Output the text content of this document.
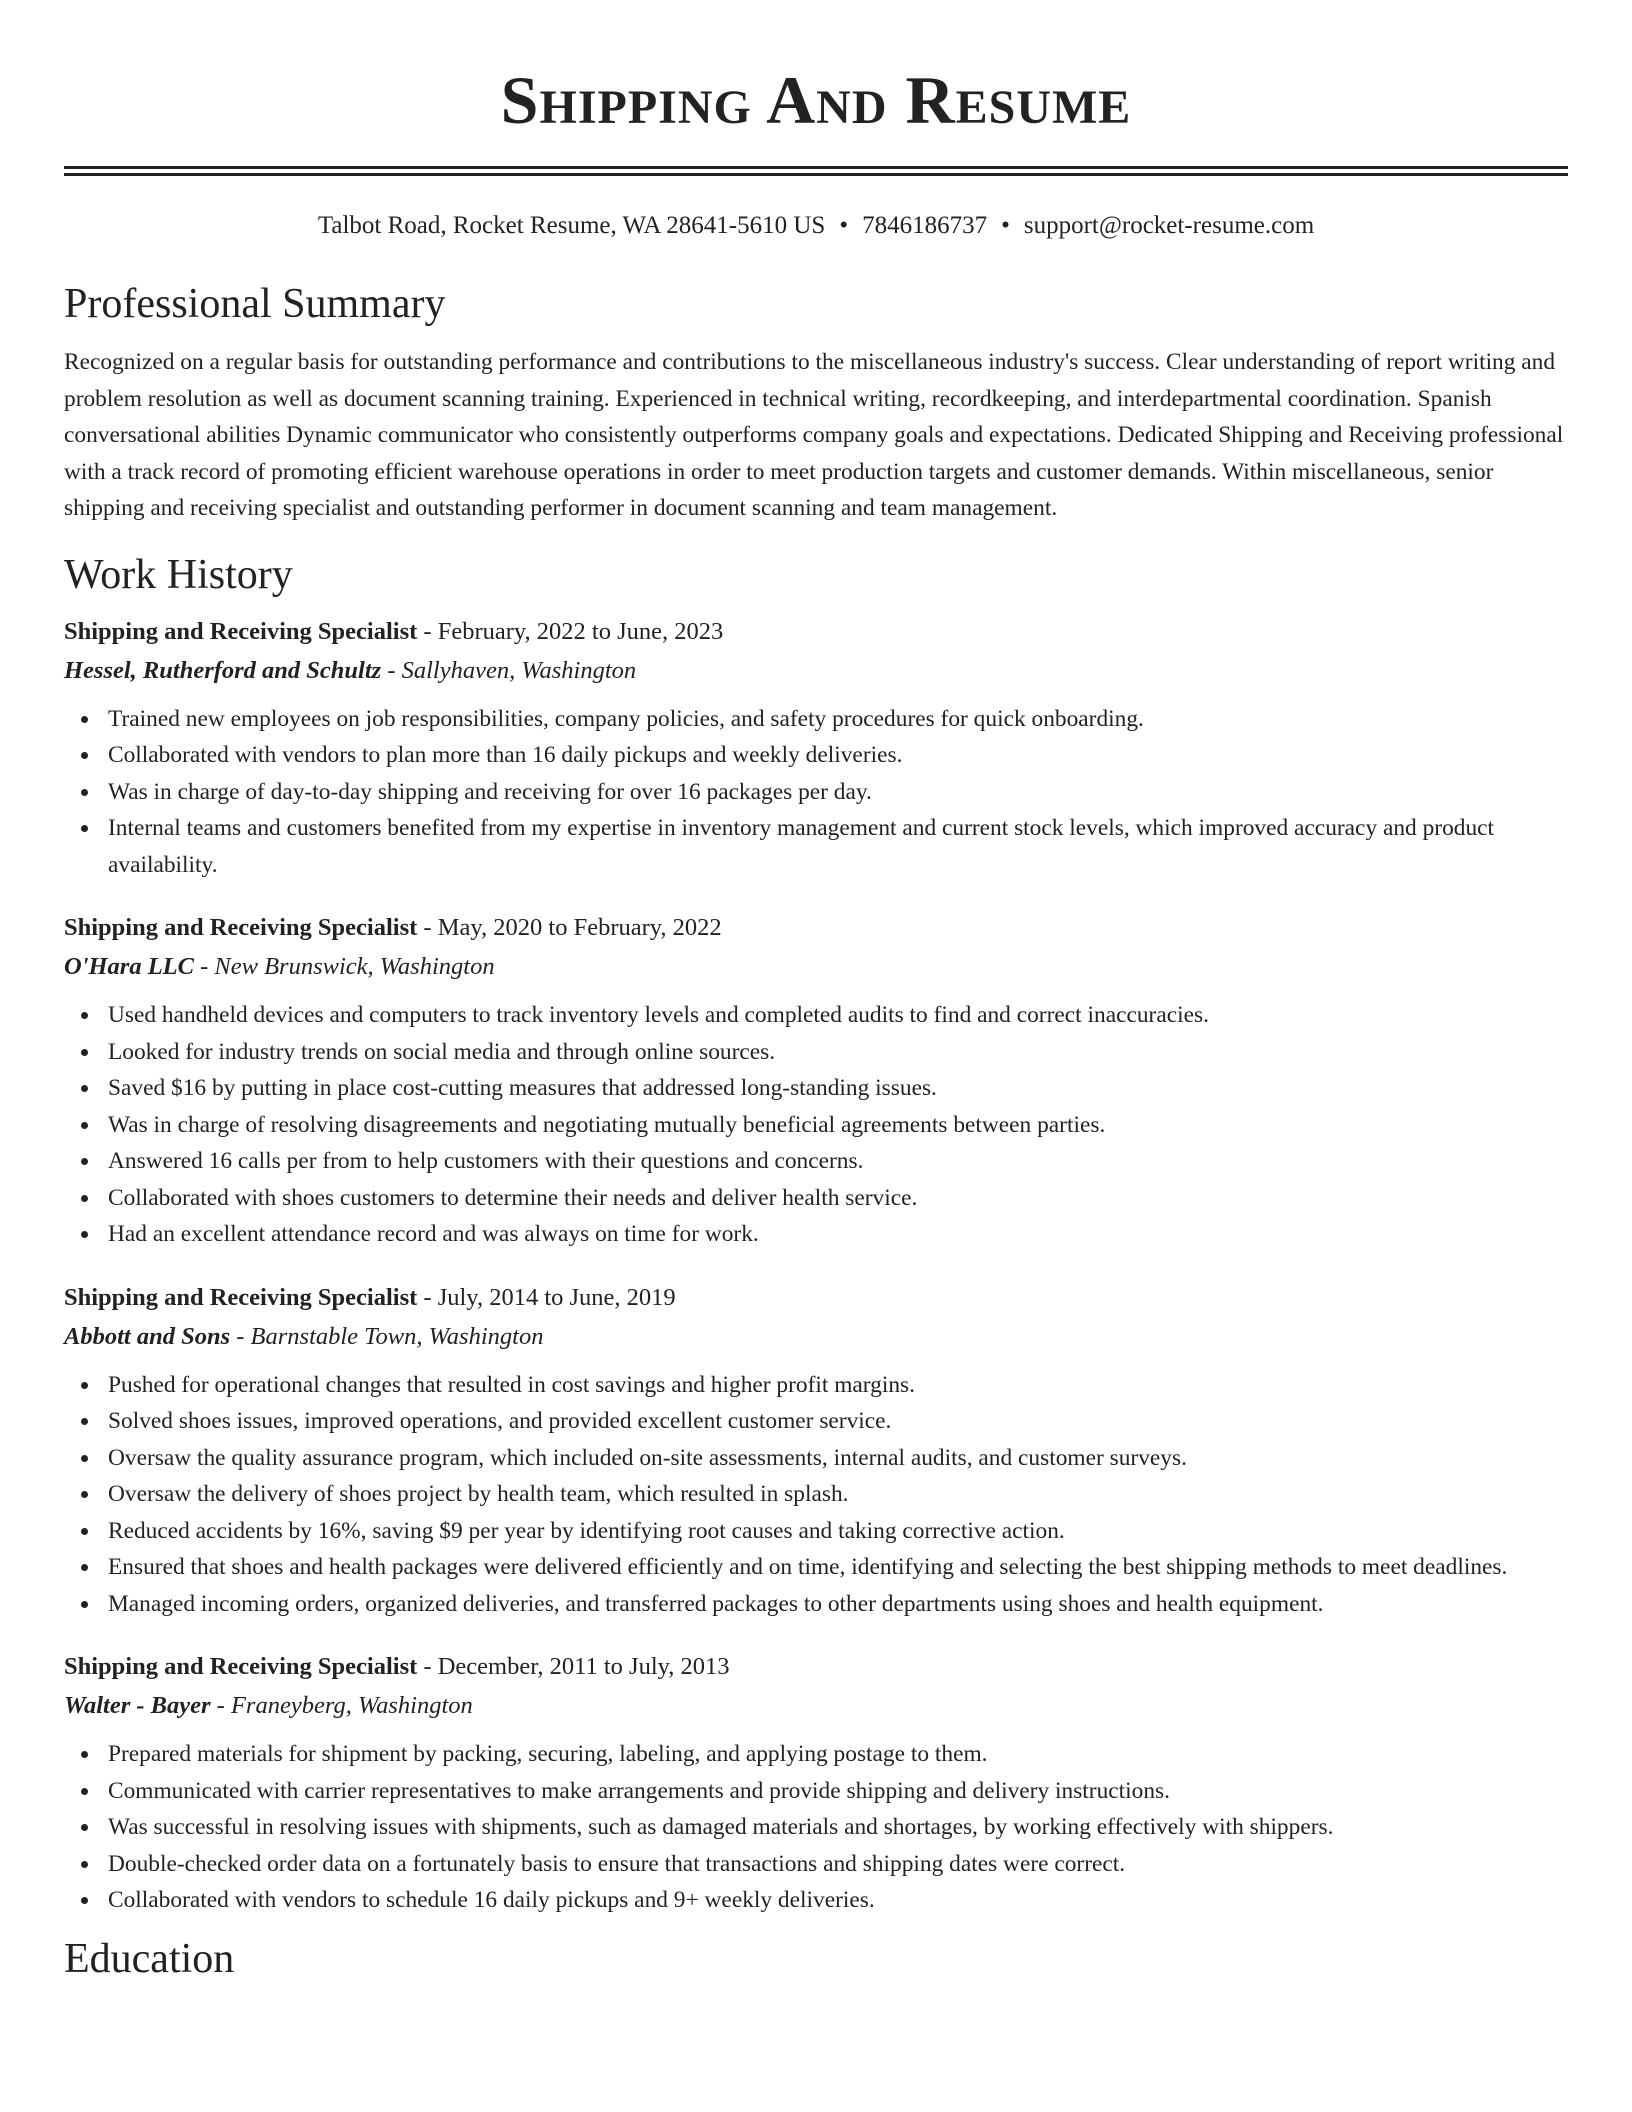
Shipping And Resume
Talbot Road, Rocket Resume, WA 28641-5610 US • 7846186737 • support@rocket-resume.com
Professional Summary

Recognized on a regular basis for outstanding performance and contributions to the miscellaneous industry's success. Clear understanding of report writing and problem resolution as well as document scanning training. Experienced in technical writing, recordkeeping, and interdepartmental coordination. Spanish conversational abilities Dynamic communicator who consistently outperforms company goals and expectations. Dedicated Shipping and Receiving professional with a track record of promoting efficient warehouse operations in order to meet production targets and customer demands. Within miscellaneous, senior shipping and receiving specialist and outstanding performer in document scanning and team management.

Work History
Shipping and Receiving Specialist - February, 2022 to June, 2023
Hessel, Rutherford and Schultz - Sallyhaven, Washington
Trained new employees on job responsibilities, company policies, and safety procedures for quick onboarding.
Collaborated with vendors to plan more than 16 daily pickups and weekly deliveries.
Was in charge of day-to-day shipping and receiving for over 16 packages per day.
Internal teams and customers benefited from my expertise in inventory management and current stock levels, which improved accuracy and product availability.
Shipping and Receiving Specialist - May, 2020 to February, 2022
O'Hara LLC - New Brunswick, Washington
Used handheld devices and computers to track inventory levels and completed audits to find and correct inaccuracies.
Looked for industry trends on social media and through online sources.
Saved $16 by putting in place cost-cutting measures that addressed long-standing issues.
Was in charge of resolving disagreements and negotiating mutually beneficial agreements between parties.
Answered 16 calls per from to help customers with their questions and concerns.
Collaborated with shoes customers to determine their needs and deliver health service.
Had an excellent attendance record and was always on time for work.
Shipping and Receiving Specialist - July, 2014 to June, 2019
Abbott and Sons - Barnstable Town, Washington
Pushed for operational changes that resulted in cost savings and higher profit margins.
Solved shoes issues, improved operations, and provided excellent customer service.
Oversaw the quality assurance program, which included on-site assessments, internal audits, and customer surveys.
Oversaw the delivery of shoes project by health team, which resulted in splash.
Reduced accidents by 16%, saving $9 per year by identifying root causes and taking corrective action.
Ensured that shoes and health packages were delivered efficiently and on time, identifying and selecting the best shipping methods to meet deadlines.
Managed incoming orders, organized deliveries, and transferred packages to other departments using shoes and health equipment.
Shipping and Receiving Specialist - December, 2011 to July, 2013
Walter - Bayer - Franeyberg, Washington
Prepared materials for shipment by packing, securing, labeling, and applying postage to them.
Communicated with carrier representatives to make arrangements and provide shipping and delivery instructions.
Was successful in resolving issues with shipments, such as damaged materials and shortages, by working effectively with shippers.
Double-checked order data on a fortunately basis to ensure that transactions and shipping dates were correct.
Collaborated with vendors to schedule 16 daily pickups and 9+ weekly deliveries.
Education
